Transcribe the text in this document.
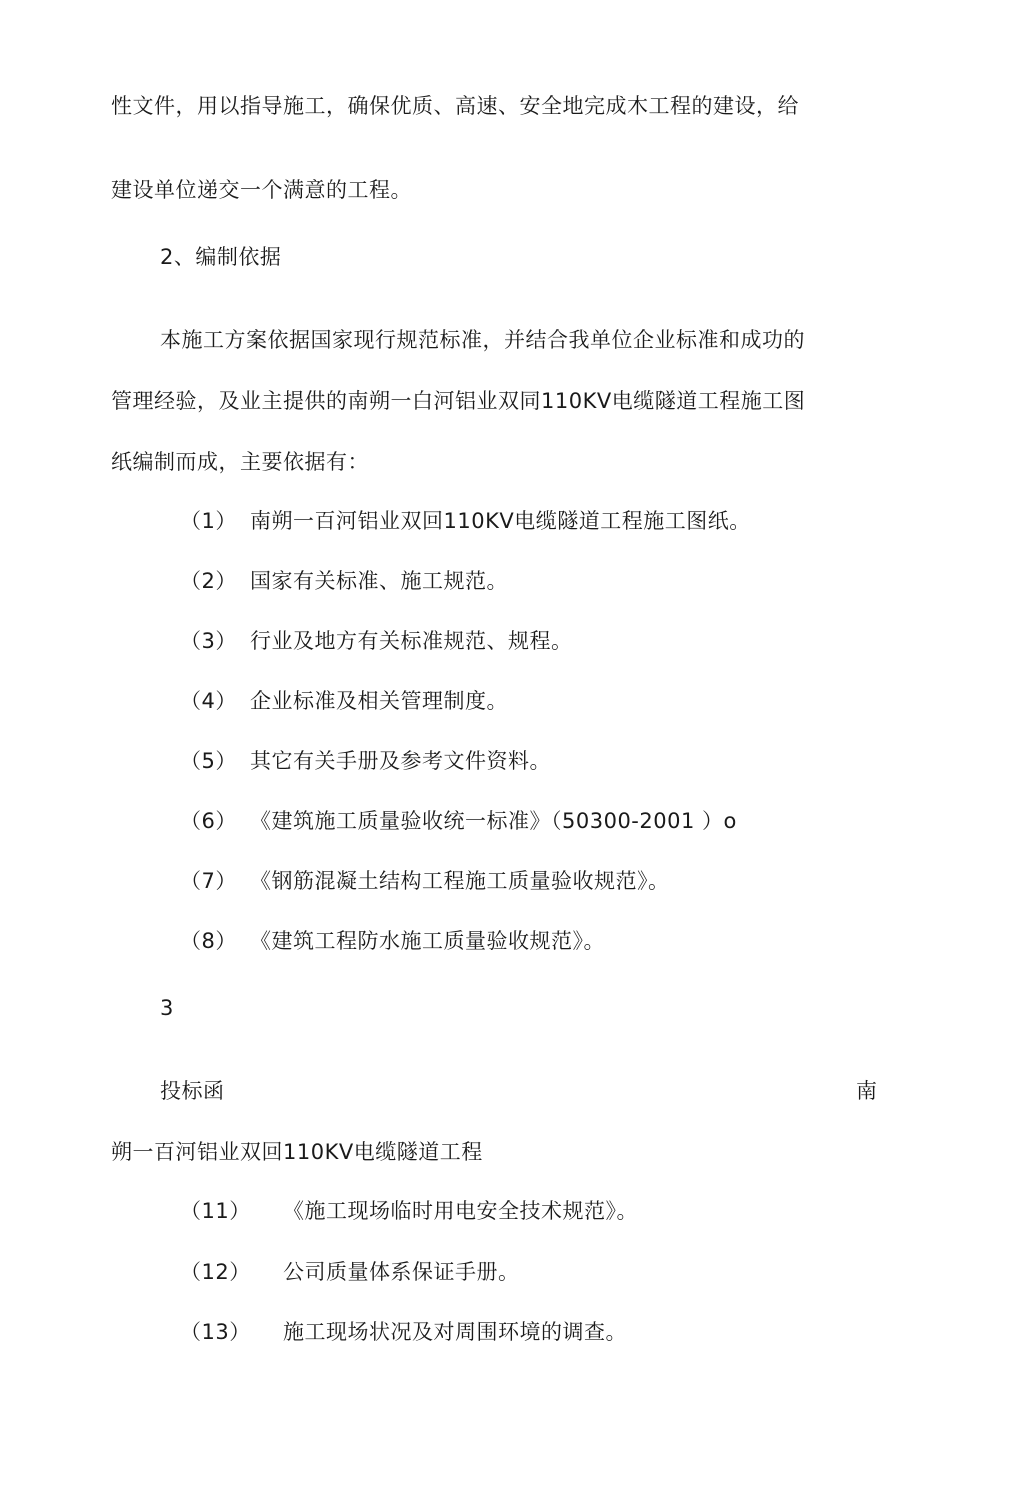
性文件，用以指导施工，确保优质、高速、安全地完成木工程的建设，给
建设单位递交一个满意的工程。
2、编制依据
本施工方案依据国家现行规范标准，并结合我单位企业标准和成功的
管理经验，及业主提供的南朔一白河铝业双同110KV电缆隧道工程施工图
纸编制而成，主要依据有：
（1） 南朔一百河铝业双回110KV电缆隧道工程施工图纸。
（2） 国家有关标准、施工规范。
（3） 行业及地方有关标准规范、规程。
（4） 企业标准及相关管理制度。
（5） 其它有关手册及参考文件资料。
（6） 《建筑施工质量验收统一标准》（50300-2001 ）o
（7） 《钢筋混凝土结构工程施工质量验收规范》。
（8） 《建筑工程防水施工质量验收规范》。
3
投标函	南
朔一百河铝业双回110KV电缆隧道工程
（11） 《施工现场临时用电安全技术规范》。
（12） 公司质量体系保证手册。
（13） 施工现场状况及对周围环境的调查。
